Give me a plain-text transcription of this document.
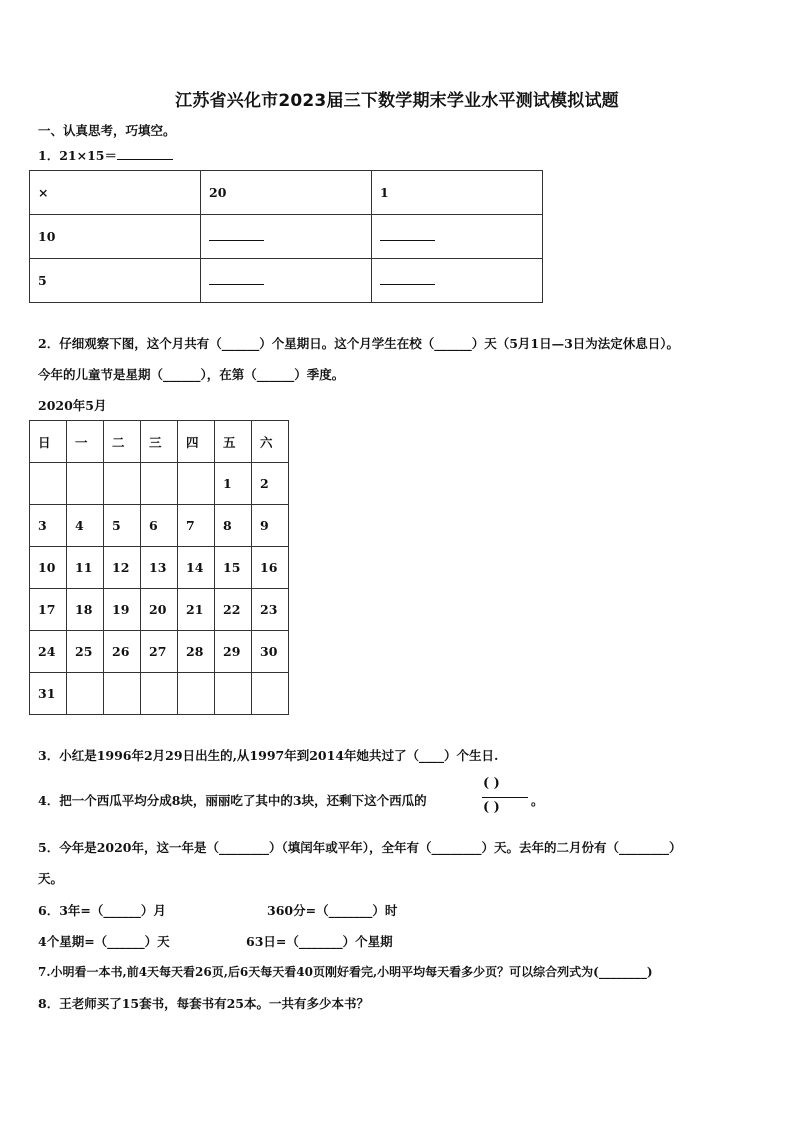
江苏省兴化市2023届三下数学期末学业水平测试模拟试题
一、认真思考，巧填空。
1．21×15＝
×	20	1
10		
5		
2．仔细观察下图，这个月共有（______）个星期日。这个月学生在校（______）天（5月1日—3日为法定休息日）。
今年的儿童节是星期（______），在第（______）季度。
2020年5月
日	一	二	三	四	五	六
					1	2
3	4	5	6	7	8	9
10	11	12	13	14	15	16
17	18	19	20	21	22	23
24	25	26	27	28	29	30
31						
3．小红是1996年2月29日出生的,从1997年到2014年她共过了（____）个生日.
4．把一个西瓜平均分成8块，丽丽吃了其中的3块，还剩下这个西瓜的
( )
( ) 。
5．今年是2020年，这一年是（________）（填闰年或平年），全年有（________）天。去年的二月份有（________）
天。
6．3年=（______）月	360分=（_______）时
4个星期=（______）天	63日=（_______）个星期
7.小明看一本书,前4天每天看26页,后6天每天看40页刚好看完,小明平均每天看多少页？可以综合列式为(________)
8．王老师买了15套书，每套书有25本。一共有多少本书？
